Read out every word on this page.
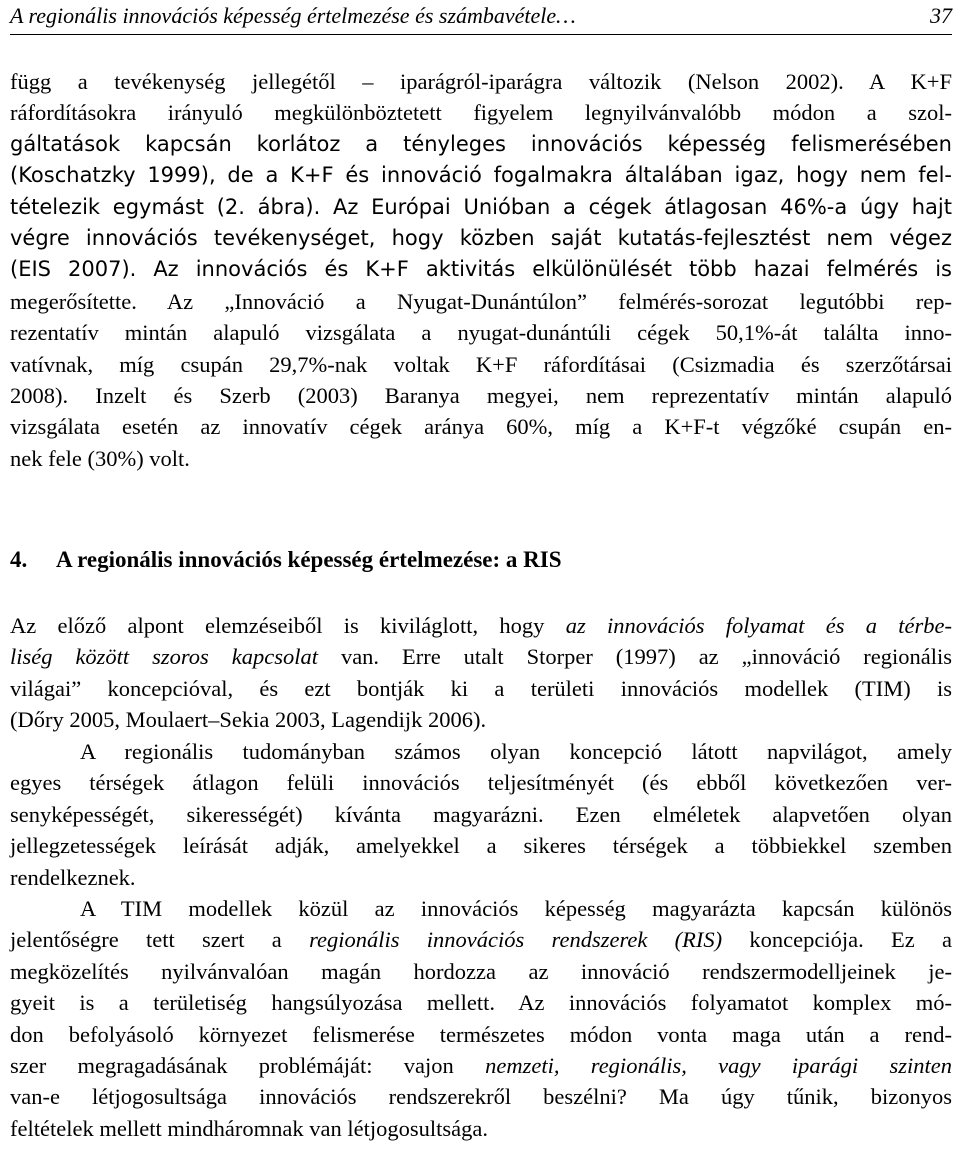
A regionális innovációs képesség értelmezése és számbavétele…	37
függ a tevékenység jellegétől – iparágról-iparágra változik (Nelson 2002). A K+F
ráfordításokra irányuló megkülönböztetett figyelem legnyilvánvalóbb módon a szol-
gáltatások kapcsán korlátoz a tényleges innovációs képesség felismerésében
(Koschatzky 1999), de a K+F és innováció fogalmakra általában igaz, hogy nem fel-
tételezik egymást (2. ábra). Az Európai Unióban a cégek átlagosan 46%-a úgy hajt
végre innovációs tevékenységet, hogy közben saját kutatás-fejlesztést nem végez
(EIS 2007). Az innovációs és K+F aktivitás elkülönülését több hazai felmérés is
megerősítette. Az „Innováció a Nyugat-Dunántúlon” felmérés-sorozat legutóbbi rep-
rezentatív mintán alapuló vizsgálata a nyugat-dunántúli cégek 50,1%-át találta inno-
vatívnak, míg csupán 29,7%-nak voltak K+F ráfordításai (Csizmadia és szerzőtársai
2008). Inzelt és Szerb (2003) Baranya megyei, nem reprezentatív mintán alapuló
vizsgálata esetén az innovatív cégek aránya 60%, míg a K+F-t végzőké csupán en-
nek fele (30%) volt.
4. A regionális innovációs képesség értelmezése: a RIS
Az előző alpont elemzéseiből is kiviláglott, hogy az innovációs folyamat és a térbe-
liség között szoros kapcsolat van. Erre utalt Storper (1997) az „innováció regionális
világai” koncepcióval, és ezt bontják ki a területi innovációs modellek (TIM) is
(Dőry 2005, Moulaert–Sekia 2003, Lagendijk 2006).
A regionális tudományban számos olyan koncepció látott napvilágot, amely
egyes térségek átlagon felüli innovációs teljesítményét (és ebből következően ver-
senyképességét, sikerességét) kívánta magyarázni. Ezen elméletek alapvetően olyan
jellegzetességek leírását adják, amelyekkel a sikeres térségek a többiekkel szemben
rendelkeznek.
A TIM modellek közül az innovációs képesség magyarázta kapcsán különös
jelentőségre tett szert a regionális innovációs rendszerek (RIS) koncepciója. Ez a
megközelítés nyilvánvalóan magán hordozza az innováció rendszermodelljeinek je-
gyeit is a területiség hangsúlyozása mellett. Az innovációs folyamatot komplex mó-
don befolyásoló környezet felismerése természetes módon vonta maga után a rend-
szer megragadásának problémáját: vajon nemzeti, regionális, vagy iparági szinten
van-e létjogosultsága innovációs rendszerekről beszélni? Ma úgy tűnik, bizonyos
feltételek mellett mindháromnak van létjogosultsága.
